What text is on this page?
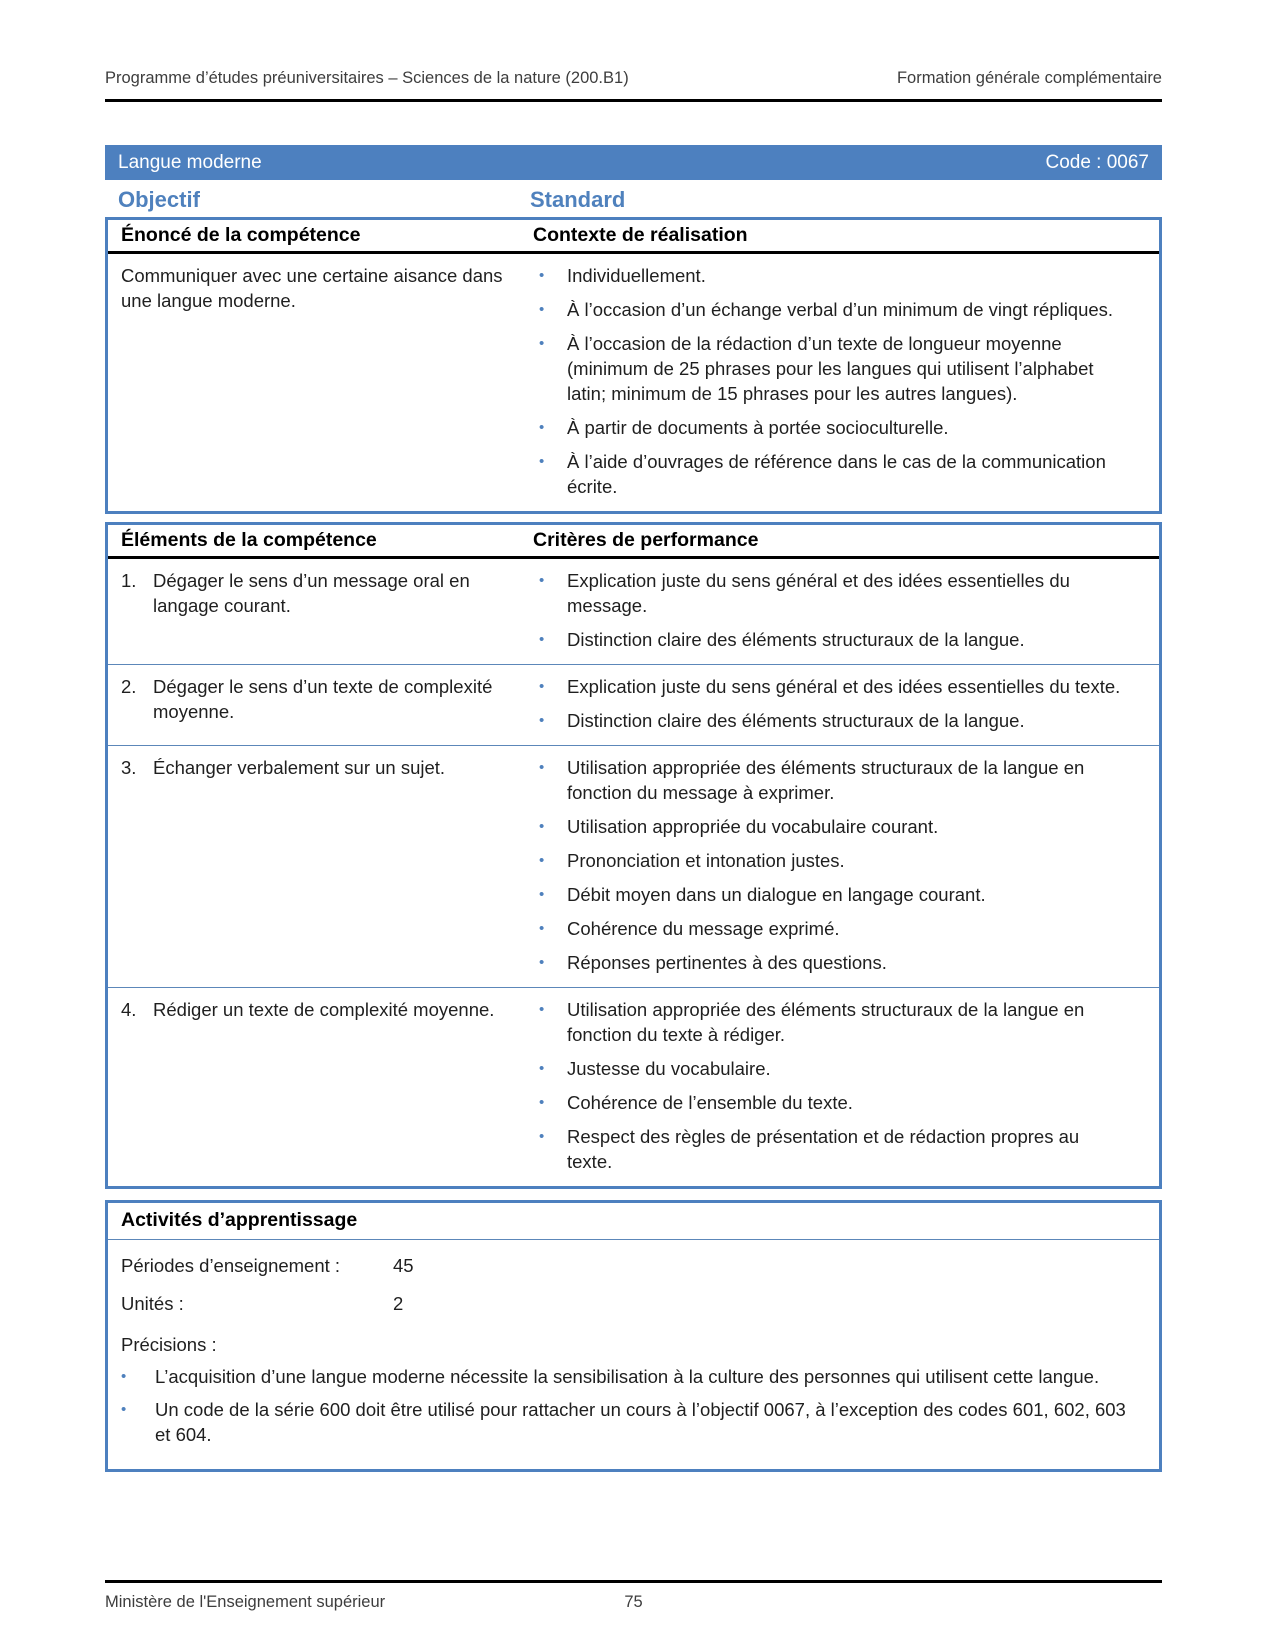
Programme d’études préuniversitaires – Sciences de la nature (200.B1)	Formation générale complémentaire
Langue moderne	Code : 0067
Objectif	Standard
Énoncé de la compétence	Contexte de réalisation
Communiquer avec une certaine aisance dans une langue moderne.
•	Individuellement.
•	À l’occasion d’un échange verbal d’un minimum de vingt répliques.
•	À l’occasion de la rédaction d’un texte de longueur moyenne (minimum de 25 phrases pour les langues qui utilisent l’alphabet latin; minimum de 15 phrases pour les autres langues).
•	À partir de documents à portée socioculturelle.
•	À l’aide d’ouvrages de référence dans le cas de la communication écrite.
Éléments de la compétence	Critères de performance
1. Dégager le sens d’un message oral en langage courant.
•	Explication juste du sens général et des idées essentielles du message.
•	Distinction claire des éléments structuraux de la langue.
2. Dégager le sens d’un texte de complexité moyenne.
•	Explication juste du sens général et des idées essentielles du texte.
•	Distinction claire des éléments structuraux de la langue.
3. Échanger verbalement sur un sujet.	•	Utilisation appropriée des éléments structuraux de la langue en fonction du message à exprimer.
•	Utilisation appropriée du vocabulaire courant.
•	Prononciation et intonation justes.
•	Débit moyen dans un dialogue en langage courant.
•	Cohérence du message exprimé.
•	Réponses pertinentes à des questions.
4. Rédiger un texte de complexité moyenne.	•	Utilisation appropriée des éléments structuraux de la langue en fonction du texte à rédiger.
•	Justesse du vocabulaire.
•	Cohérence de l’ensemble du texte.
•	Respect des règles de présentation et de rédaction propres au texte.
Activités d’apprentissage
Périodes d’enseignement :	45
Unités :	2
Précisions :
•	L’acquisition d’une langue moderne nécessite la sensibilisation à la culture des personnes qui utilisent cette langue.
•	Un code de la série 600 doit être utilisé pour rattacher un cours à l’objectif 0067, à l’exception des codes 601, 602, 603 et 604.
Ministère de l'Enseignement supérieur	75
